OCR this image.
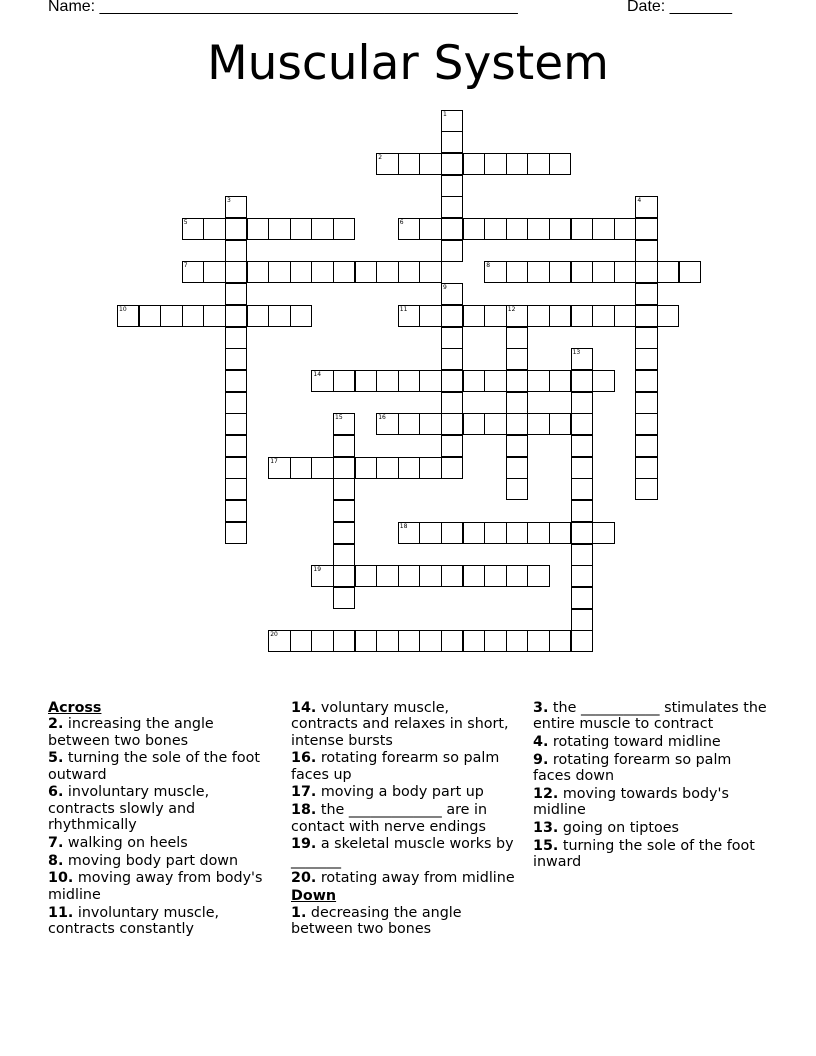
Name: _______________________________________________	Date: _______
Muscular System
1
2
3	4
5	6
7	8
9
10	11	12
13
14
15	16
17
18
19
20

Across

2. increasing the angle between two bones

5. turning the sole of the foot outward

6. involuntary muscle, contracts slowly and rhythmically

7. walking on heels

8. moving body part down

10. moving away from body's midline

11. involuntary muscle, contracts constantly

14. voluntary muscle, contracts and relaxes in short, intense bursts

16. rotating forearm so palm faces up

17. moving a body part up

18. the _____________ are in contact with nerve endings

19. a skeletal muscle works by _______

20. rotating away from midline

Down

1. decreasing the angle between two bones

3. the ___________ stimulates the entire muscle to contract

4. rotating toward midline

9. rotating forearm so palm faces down

12. moving towards body's midline

13. going on tiptoes

15. turning the sole of the foot inward
